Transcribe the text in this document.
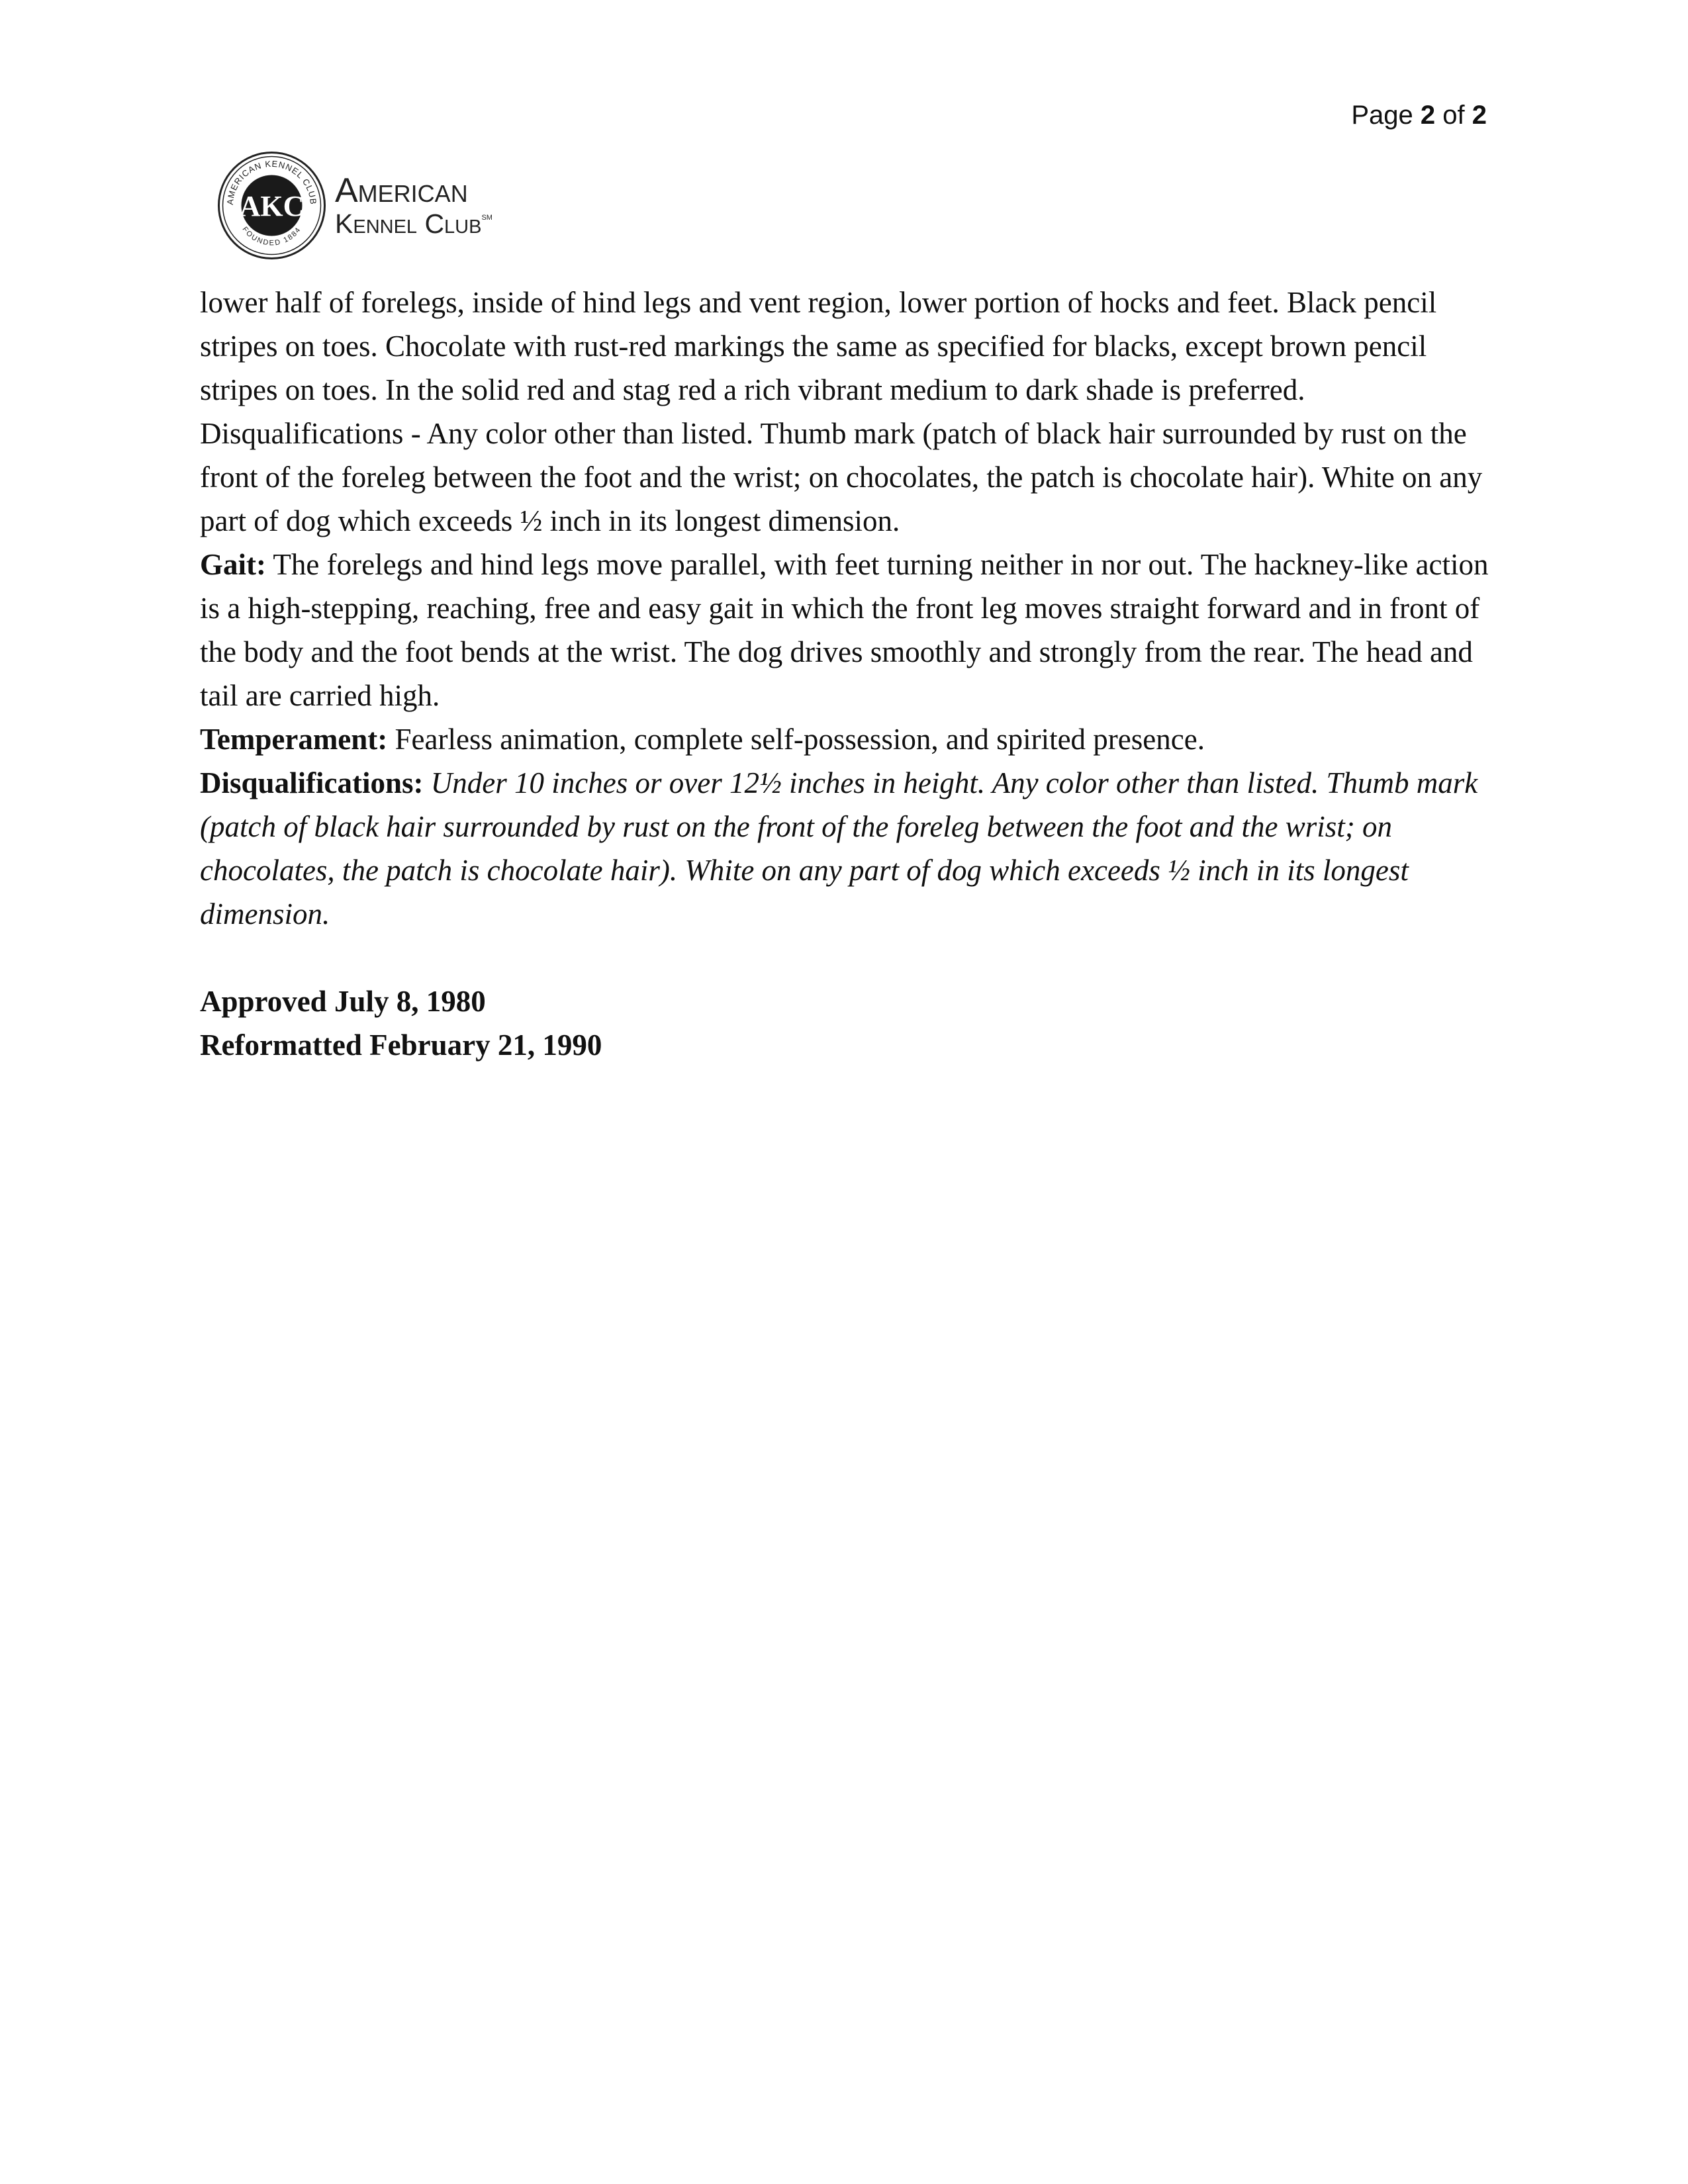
Page 2 of 2
AMERICAN KENNEL CLUB
FOUNDED 1884
AKC American
Kennel Club℠

lower half of forelegs, inside of hind legs and vent region, lower portion of hocks and feet. Black pencil stripes on toes. Chocolate with rust-red markings the same as specified for blacks, except brown pencil stripes on toes. In the solid red and stag red a rich vibrant medium to dark shade is preferred. Disqualifications - Any color other than listed. Thumb mark (patch of black hair surrounded by rust on the front of the foreleg between the foot and the wrist; on chocolates, the patch is chocolate hair). White on any part of dog which exceeds ½ inch in its longest dimension.

Gait: The forelegs and hind legs move parallel, with feet turning neither in nor out. The hackney-like action is a high-stepping, reaching, free and easy gait in which the front leg moves straight forward and in front of the body and the foot bends at the wrist. The dog drives smoothly and strongly from the rear. The head and tail are carried high.

Temperament: Fearless animation, complete self-possession, and spirited presence.

Disqualifications: Under 10 inches or over 12½ inches in height. Any color other than listed. Thumb mark (patch of black hair surrounded by rust on the front of the foreleg between the foot and the wrist; on chocolates, the patch is chocolate hair). White on any part of dog which exceeds ½ inch in its longest dimension.

Approved July 8, 1980

Reformatted February 21, 1990
